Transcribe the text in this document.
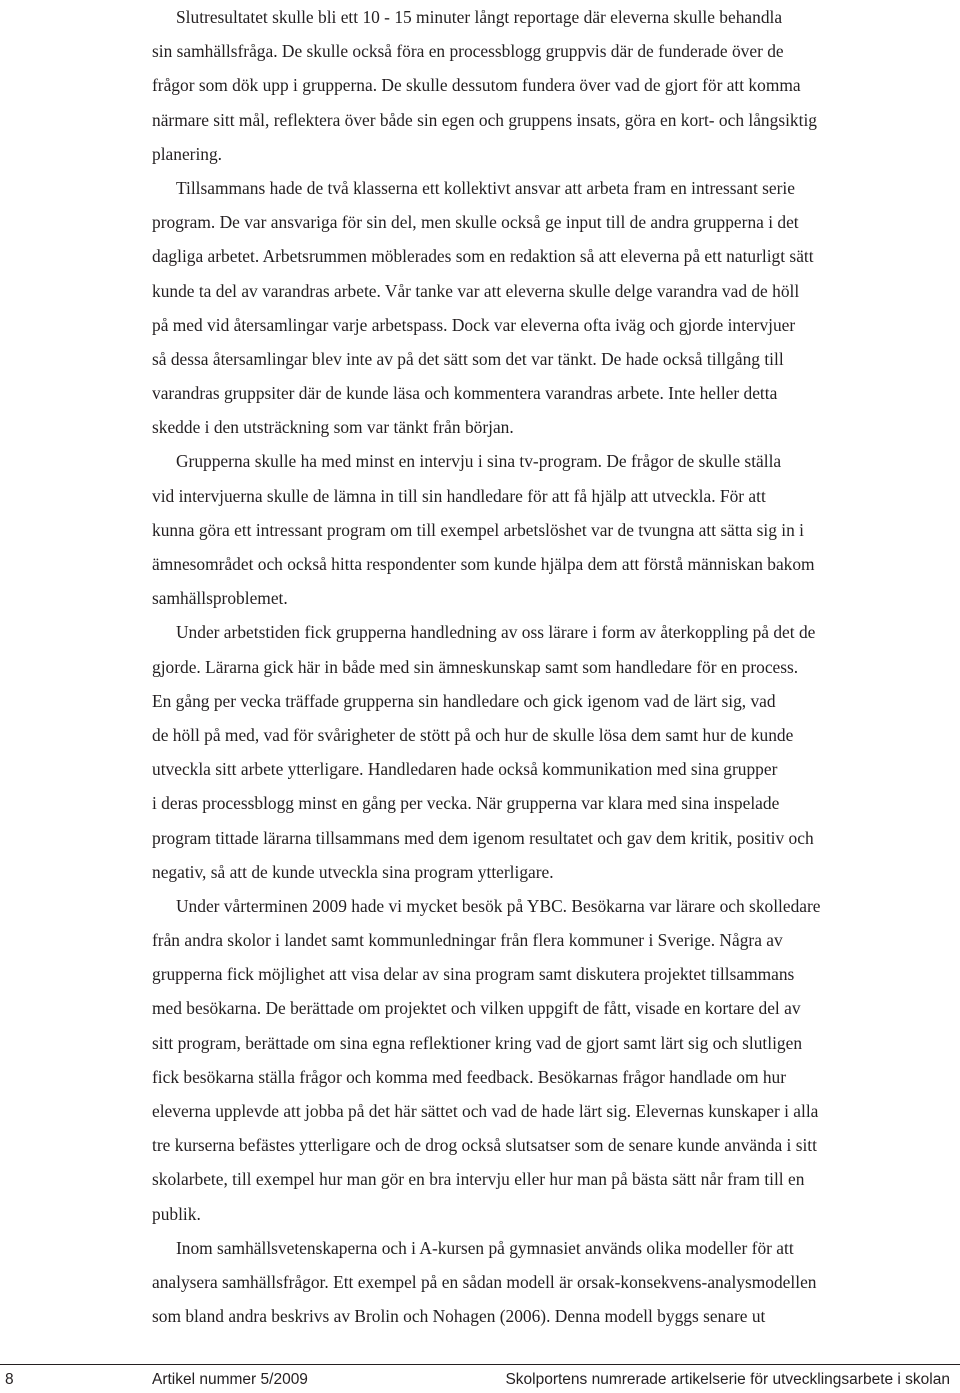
Slutresultatet skulle bli ett 10 - 15 minuter långt reportage där eleverna skulle behandla
sin samhällsfråga. De skulle också föra en processblogg gruppvis där de funderade över de
frågor som dök upp i grupperna. De skulle dessutom fundera över vad de gjort för att komma
närmare sitt mål, reflektera över både sin egen och gruppens insats, göra en kort- och långsiktig
planering.
Tillsammans hade de två klasserna ett kollektivt ansvar att arbeta fram en intressant serie
program. De var ansvariga för sin del, men skulle också ge input till de andra grupperna i det
dagliga arbetet. Arbetsrummen möblerades som en redaktion så att eleverna på ett naturligt sätt
kunde ta del av varandras arbete. Vår tanke var att eleverna skulle delge varandra vad de höll
på med vid återsamlingar varje arbetspass. Dock var eleverna ofta iväg och gjorde intervjuer
så dessa återsamlingar blev inte av på det sätt som det var tänkt. De hade också tillgång till
varandras gruppsiter där de kunde läsa och kommentera varandras arbete. Inte heller detta
skedde i den utsträckning som var tänkt från början.
Grupperna skulle ha med minst en intervju i sina tv-program. De frågor de skulle ställa
vid intervjuerna skulle de lämna in till sin handledare för att få hjälp att utveckla. För att
kunna göra ett intressant program om till exempel arbetslöshet var de tvungna att sätta sig in i
ämnesområdet och också hitta respondenter som kunde hjälpa dem att förstå människan bakom
samhällsproblemet.
Under arbetstiden fick grupperna handledning av oss lärare i form av återkoppling på det de
gjorde. Lärarna gick här in både med sin ämneskunskap samt som handledare för en process.
En gång per vecka träffade grupperna sin handledare och gick igenom vad de lärt sig, vad
de höll på med, vad för svårigheter de stött på och hur de skulle lösa dem samt hur de kunde
utveckla sitt arbete ytterligare. Handledaren hade också kommunikation med sina grupper
i deras processblogg minst en gång per vecka. När grupperna var klara med sina inspelade
program tittade lärarna tillsammans med dem igenom resultatet och gav dem kritik, positiv och
negativ, så att de kunde utveckla sina program ytterligare.
Under vårterminen 2009 hade vi mycket besök på YBC. Besökarna var lärare och skolledare
från andra skolor i landet samt kommunledningar från flera kommuner i Sverige. Några av
grupperna fick möjlighet att visa delar av sina program samt diskutera projektet tillsammans
med besökarna. De berättade om projektet och vilken uppgift de fått, visade en kortare del av
sitt program, berättade om sina egna reflektioner kring vad de gjort samt lärt sig och slutligen
fick besökarna ställa frågor och komma med feedback. Besökarnas frågor handlade om hur
eleverna upplevde att jobba på det här sättet och vad de hade lärt sig. Elevernas kunskaper i alla
tre kurserna befästes ytterligare och de drog också slutsatser som de senare kunde använda i sitt
skolarbete, till exempel hur man gör en bra intervju eller hur man på bästa sätt når fram till en
publik.
Inom samhällsvetenskaperna och i A-kursen på gymnasiet används olika modeller för att
analysera samhällsfrågor. Ett exempel på en sådan modell är orsak-konsekvens-analysmodellen
som bland andra beskrivs av Brolin och Nohagen (2006). Denna modell byggs senare ut
8	Artikel nummer 5/2009	Skolportens numrerade artikelserie för utvecklingsarbete i skolan
